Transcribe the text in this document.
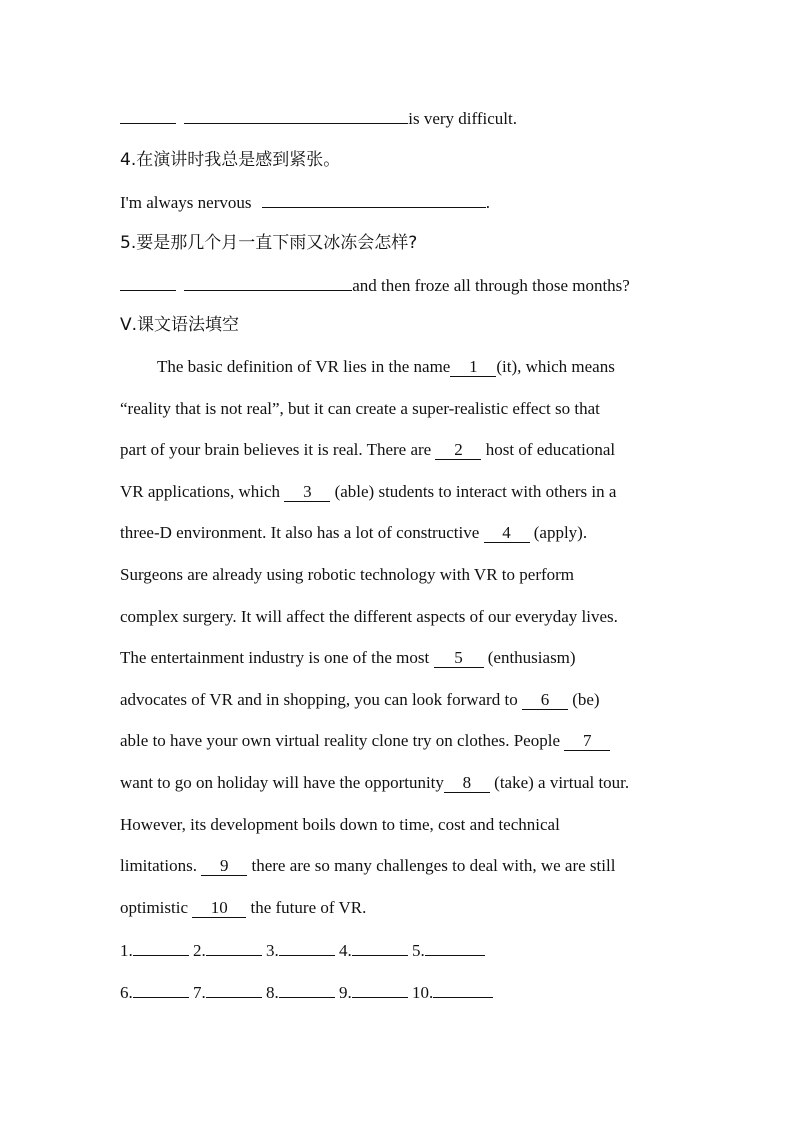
is very difficult.
4.在演讲时我总是感到紧张。
I'm always nervous	.
5.要是那几个月一直下雨又冰冻会怎样?
and then froze all through those months?
Ⅴ.课文语法填空
The basic definition of VR lies in the name 1 (it), which means
“reality that is not real”, but it can create a super-realistic effect so that
part of your brain believes it is real. There are 2 host of educational
VR applications, which 3 (able) students to interact with others in a
three-D environment. It also has a lot of constructive 4 (apply).
Surgeons are already using robotic technology with VR to perform
complex surgery. It will affect the different aspects of our everyday lives.
The entertainment industry is one of the most 5 (enthusiasm)
advocates of VR and in shopping, you can look forward to 6 (be)
able to have your own virtual reality clone try on clothes. People 7
want to go on holiday will have the opportunity 8 (take) a virtual tour.
However, its development boils down to time, cost and technical
limitations. 9 there are so many challenges to deal with, we are still
optimistic 10 the future of VR.
1.	2.	3.	4.	5.
6.	7.	8.	9.	10.
